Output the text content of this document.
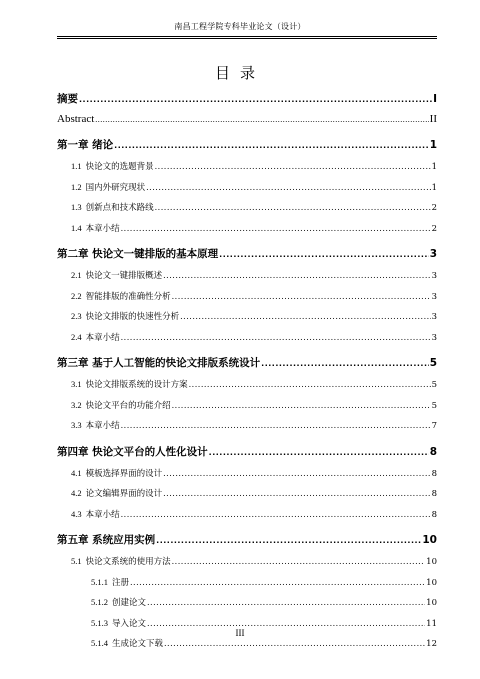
南昌工程学院专科毕业论文（设计）
目录
摘要 .....	I
Abstract .....	II
第一章 绪论 .....	1
1.1 快论文的选题背景 .....	1
1.2 国内外研究现状 .....	1
1.3 创新点和技术路线 .....	2
1.4 本章小结 .....	2
第二章 快论文一键排版的基本原理 .....	3
2.1 快论文一键排版概述 .....	3
2.2 智能排版的准确性分析 .....	3
2.3 快论文排版的快速性分析 .....	3
2.4 本章小结 .....	3
第三章 基于人工智能的快论文排版系统设计 .....	5
3.1 快论文排版系统的设计方案 .....	5
3.2 快论文平台的功能介绍 .....	5
3.3 本章小结 .....	7
第四章 快论文平台的人性化设计 .....	8
4.1 模板选择界面的设计 .....	8
4.2 论文编辑界面的设计 .....	8
4.3 本章小结 .....	8
第五章 系统应用实例 .....	10
5.1 快论文系统的使用方法 .....	10
5.1.1 注册 .....	10
5.1.2 创建论文 .....	10
5.1.3 导入论文 .....	11
5.1.4 生成论文下载 .....	12
III
